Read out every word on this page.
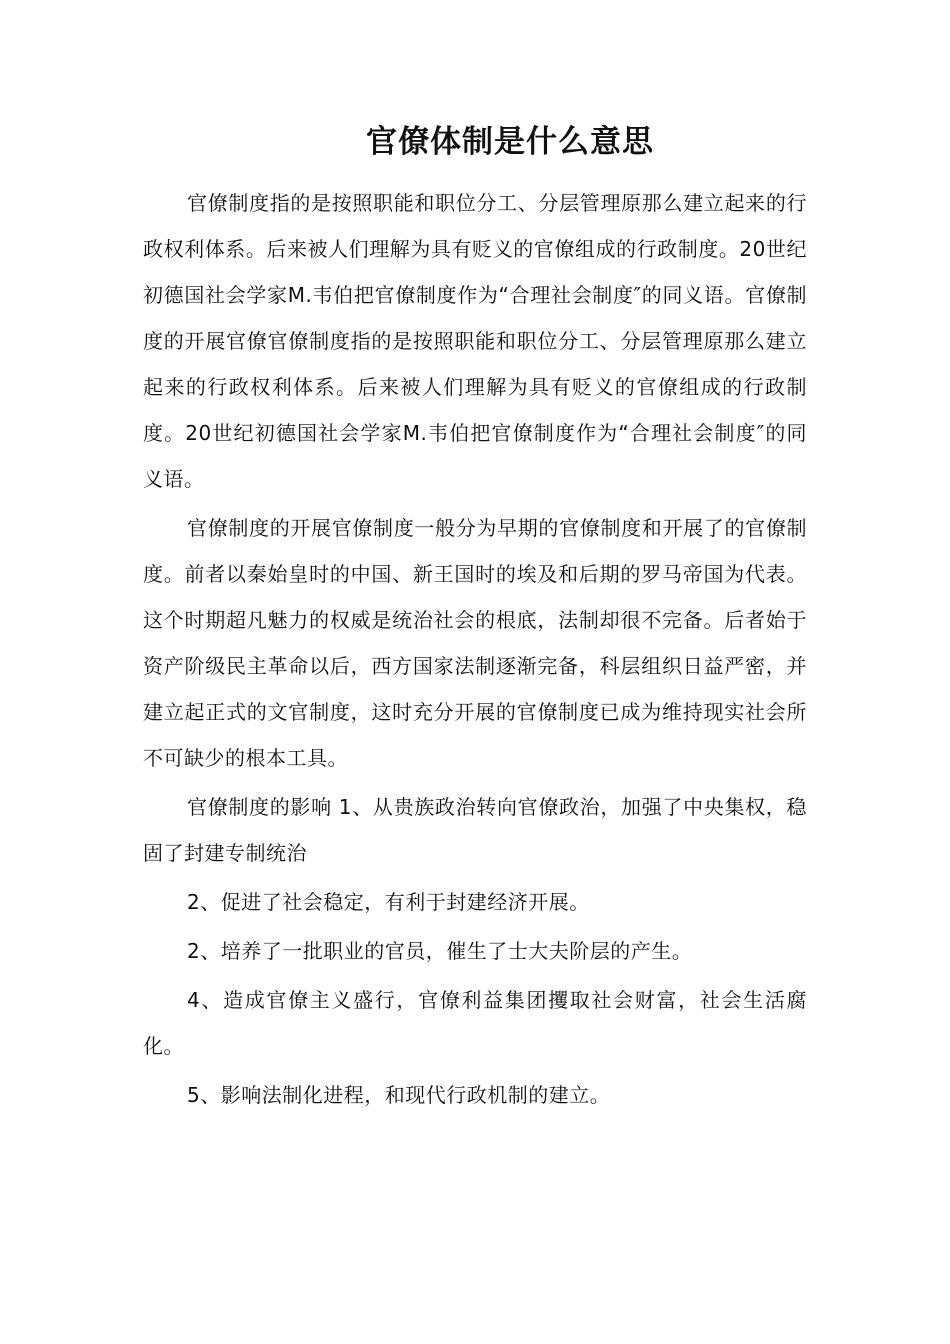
官僚体制是什么意思

官僚制度指的是按照职能和职位分工、分层管理原那么建立起来的行政权利体系。后来被人们理解为具有贬义的官僚组成的行政制度。20世纪初德国社会学家M.韦伯把官僚制度作为“合理社会制度″的同义语。官僚制度的开展官僚官僚制度指的是按照职能和职位分工、分层管理原那么建立起来的行政权利体系。后来被人们理解为具有贬义的官僚组成的行政制度。20世纪初德国社会学家M.韦伯把官僚制度作为“合理社会制度″的同义语。

官僚制度的开展官僚制度一般分为早期的官僚制度和开展了的官僚制度。前者以秦始皇时的中国、新王国时的埃及和后期的罗马帝国为代表。这个时期超凡魅力的权威是统治社会的根底，法制却很不完备。后者始于资产阶级民主革命以后，西方国家法制逐渐完备，科层组织日益严密，并建立起正式的文官制度，这时充分开展的官僚制度已成为维持现实社会所不可缺少的根本工具。

官僚制度的影响 1、从贵族政治转向官僚政治，加强了中央集权，稳固了封建专制统治

2、促进了社会稳定，有利于封建经济开展。

2、培养了一批职业的官员，催生了士大夫阶层的产生。

4、造成官僚主义盛行，官僚利益集团攫取社会财富，社会生活腐化。

5、影响法制化进程，和现代行政机制的建立。
